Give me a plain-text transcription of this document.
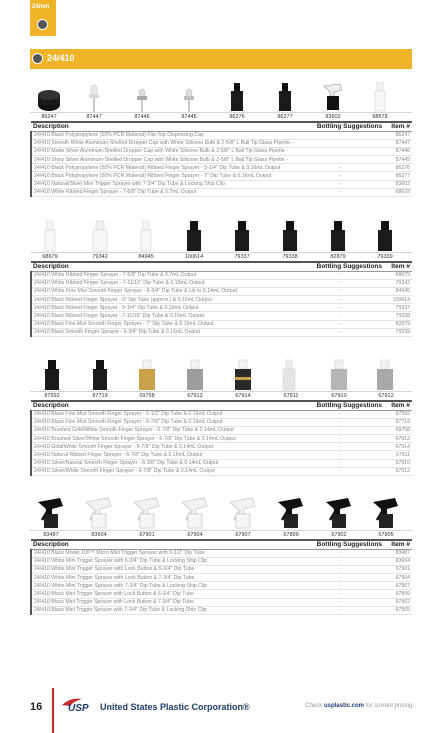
24mm
24/410
86247	87447	87446	87445	86276	86277	83602	68678
Description	Bottling Suggestions	Item #
24/410 Black Polypropylene (50% PCR Material) Flip-Top Dispensing Cap		86247
24/410 Smooth White Aluminum-Shelled Dropper Cap with White Silicone Bulb & 2-5/8" L Ball Tip Glass Pipette -		87447
24/410 Matte Silver Aluminum-Shelled Dropper Cap with White Silicone Bulb & 2-5/8" L Ball Tip Glass Pipette -		87446
24/410 Shiny Silver Aluminum-Shelled Dropper Cap with White Silicone Bulb & 2-5/8" L Ball Tip Glass Pipette -		87445
24/410 Black Polypropylene (50% PCR Material) Ribbed Finger Sprayer - 5-1/4" Dip Tube & 0.16mL Output	-	86276
24/410 Black Polypropylene (50% PCR Material) Ribbed Finger Sprayer - 7" Dip Tube & 0.16mL Output	-	86277
24/410 Natural/Silver Mini Trigger Sprayer with 7-3/4" Dip Tube & Locking Ship Clip	-	83602
24/410 White Ribbed Finger Sprayer - 7-5/8" Dip Tube & 0.7mL Output	-	68678
68679	79342	84945	100614	79337	79338	82879	79339
Description	Bottling Suggestions	Item #
24/410 White Ribbed Finger Sprayer - 7-5/8" Dip Tube & 0.7mL Output	-	68679
24/410 White Ribbed Finger Sprayer - 7-11/16" Dip Tube & 0.16mL Output	-	79342
24/410 White Fine Mist Smooth Finger Sprayer - 6-3/4" Dip Tube & Up to 0.14mL Output	-	84945
24/410 Black Ribbed Finger Sprayer - 6" Dip Tube (approx.) & 0.16mL Output	-	100614
24/410 Black Ribbed Finger Sprayer - 5-1/4" Dip Tube & 0.16mL Output	-	79337
24/410 Black Ribbed Finger Sprayer - 7-11/16" Dip Tube & 0.16mL Output	-	79338
24/410 Black Fine Mist Smooth Finger Sprayer - 7" Dip Tube & 0.16mL Output	-	82879
24/410 Black Smooth Finger Sprayer - 6-3/4" Dip Tube & 0.16mL Output	-	79339
87592	87719	69758	67913	67914	67911	67910	67912
Description	Bottling Suggestions	Item #
24/410 Black Fine Mist Smooth Finger Sprayer - 5-1/2" Dip Tube & 0.16mL Output	-	87592
24/410 Black Fine Mist Smooth Finger Sprayer - 6-7/8" Dip Tube & 0.16mL Output	-	87719
24/410 Brushed Gold/White Smooth Finger Sprayer - 6-7/8" Dip Tube & 0.14mL Output	-	69758
24/410 Brushed Silver/White Smooth Finger Sprayer - 6-7/8" Dip Tube & 0.14mL Output	-	67913
24/410 Gold/White Smooth Finger Sprayer - 6-7/8" Dip Tube & 0.14mL Output	-	67914
24/410 Natural Ribbed Finger Sprayer - 6-7/8" Dip Tube & 0.16mL Output	-	67911
24/410 Silver/Natural Smooth Finger Sprayer - 6-3/8" Dip Tube & 0.14mL Output	-	67910
24/410 Silver/White Smooth Finger Sprayer - 6-7/8" Dip Tube & 0.14mL Output	-	67912
83487	83604	67901	67904	67907	67899	67902	67905
Description	Bottling Suggestions	Item #
24/410 Black Model 100™ Micro Mist Trigger Sprayer with 6-1/2" Dip Tube	-	83487
24/410 White Mini Trigger Sprayer with 6-3/4" Dip Tube & Locking Ship Clip	-	83604
24/410 White Mini Trigger Sprayer with Lock Button & 6-3/4" Dip Tube	-	67901
24/410 White Mini Trigger Sprayer with Lock Button & 7-3/4" Dip Tube	-	67904
24/410 White Mini Trigger Sprayer with 7-3/4" Dip Tube & Locking Ship Clip	-	67907
24/410 Black Mini Trigger Sprayer with Lock Button & 6-3/4" Dip Tube	-	67899
24/410 Black Mini Trigger Sprayer with Lock Button & 7-3/4" Dip Tube	-	67902
24/410 Black Mini Trigger Sprayer with 7-3/4" Dip Tube & Locking Ship Clip	-	67905
16	USP United States Plastic Corporation®	Check usplastic.com for current pricing.
